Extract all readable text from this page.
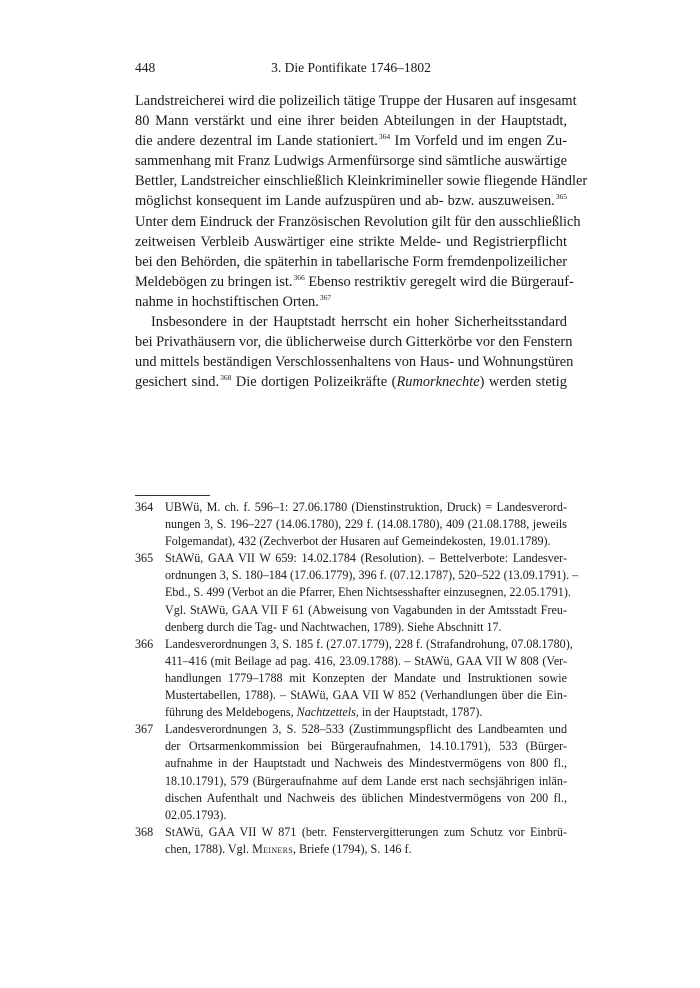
448	3. Die Pontifikate 1746–1802
Landstreicherei wird die polizeilich tätige Truppe der Husaren auf insgesamt
80 Mann verstärkt und eine ihrer beiden Abteilungen in der Hauptstadt,
die andere dezentral im Lande stationiert.$^{364}$ Im Vorfeld und im engen Zu-
sammenhang mit Franz Ludwigs Armenfürsorge sind sämtliche auswärtige
Bettler, Landstreicher einschließlich Kleinkrimineller sowie fliegende Händler
möglichst konsequent im Lande aufzuspüren und ab- bzw. auszuweisen.$^{365}$
Unter dem Eindruck der Französischen Revolution gilt für den ausschließlich
zeitweisen Verbleib Auswärtiger eine strikte Melde- und Registrierpflicht
bei den Behörden, die späterhin in tabellarische Form fremdenpolizeilicher
Meldebögen zu bringen ist.$^{366}$ Ebenso restriktiv geregelt wird die Bürgerauf-
nahme in hochstiftischen Orten.$^{367}$
Insbesondere in der Hauptstadt herrscht ein hoher Sicherheitsstandard
bei Privathäusern vor, die üblicherweise durch Gitterkörbe vor den Fenstern
und mittels beständigen Verschlossenhaltens von Haus- und Wohnungstüren
gesichert sind.$^{368}$ Die dortigen Polizeikräfte (Rumorknechte) werden stetig
364 UBWü, M. ch. f. 596–1: 27.06.1780 (Dienstinstruktion, Druck) = Landesverord-
nungen 3, S. 196–227 (14.06.1780), 229 f. (14.08.1780), 409 (21.08.1788, jeweils
Folgemandat), 432 (Zechverbot der Husaren auf Gemeindekosten, 19.01.1789).
365 StAWü, GAA VII W 659: 14.02.1784 (Resolution). – Bettelverbote: Landesver-
ordnungen 3, S. 180–184 (17.06.1779), 396 f. (07.12.1787), 520–522 (13.09.1791). –
Ebd., S. 499 (Verbot an die Pfarrer, Ehen Nichtsesshafter einzusegnen, 22.05.1791).
Vgl. StAWü, GAA VII F 61 (Abweisung von Vagabunden in der Amtsstadt Freu-
denberg durch die Tag- und Nachtwachen, 1789). Siehe Abschnitt 17.
366 Landesverordnungen 3, S. 185 f. (27.07.1779), 228 f. (Strafandrohung, 07.08.1780),
411–416 (mit Beilage ad pag. 416, 23.09.1788). – StAWü, GAA VII W 808 (Ver-
handlungen 1779–1788 mit Konzepten der Mandate und Instruktionen sowie
Mustertabellen, 1788). – StAWü, GAA VII W 852 (Verhandlungen über die Ein-
führung des Meldebogens, Nachtzettels, in der Hauptstadt, 1787).
367 Landesverordnungen 3, S. 528–533 (Zustimmungspflicht des Landbeamten und
der Ortsarmenkommission bei Bürgeraufnahmen, 14.10.1791), 533 (Bürger-
aufnahme in der Hauptstadt und Nachweis des Mindestvermögens von 800 fl.,
18.10.1791), 579 (Bürgeraufnahme auf dem Lande erst nach sechsjährigen inlän-
dischen Aufenthalt und Nachweis des üblichen Mindestvermögens von 200 fl.,
02.05.1793).
368 StAWü, GAA VII W 871 (betr. Fenstervergitterungen zum Schutz vor Einbrü-
chen, 1788). Vgl. Meiners, Briefe (1794), S. 146 f.
